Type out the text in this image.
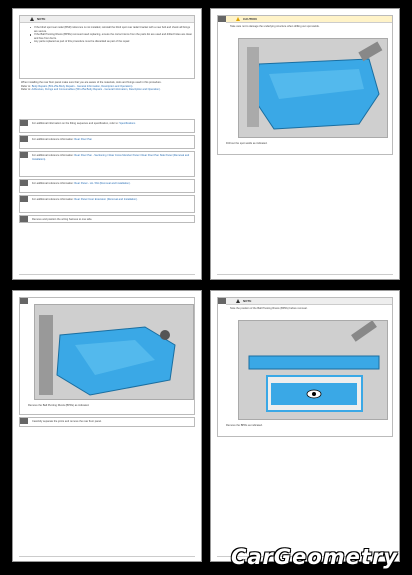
NOTE
If the blind spot rear radar (BSR) reference is not installed, reinstall the blind spot rear radar bracket with a new bolt and check all fixings are secure.
If the Ball Pivoting Rivets (BPRs) removed need replacing, ensure the correct items from the parts list are used and drilled holes are clean and free from burrs.
Any parts replaced as part of this procedure must be discarded as part of the repair.
When installing the rear floor panel make sure that you are aware of the materials, tools and fixings used in this procedure.
Refer to: Body Repairs (501-25a Body Repairs - General Information, Description and Operation).
Refer to: Adhesives, Fixings and Consumables (501-25a Body Repairs - General Information, Description and Operation).
1
For additional information on the fitting sequence and specification, refer to: Specifications
2
For additional reference information: Rear Floor Pan
3
For additional reference information: Rear Floor Pan - Sectioning / Rear Cross Member Panel / Rear Floor Pan Side Panel (Removal and Installation).
4
For additional reference information: Rear Panel - LH / RH (Removal and Installation).
5
For additional reference information: Rear Panel Inner Extension (Removal and Installation).
6
Remove and position the wiring harness to one side.
7
CAUTION
Take care not to damage the underlying structure when drilling out spot welds.
Drill out the spot welds as indicated.
8
Remove the Ball Pivoting Rivets (BPRs) as indicated.
9
Carefully separate the joints and remove the rear floor panel.
10
NOTE
Note the position of the Ball Pivoting Rivets (BPRs) before removal.
Remove the BPRs as indicated.
CarGeometry
